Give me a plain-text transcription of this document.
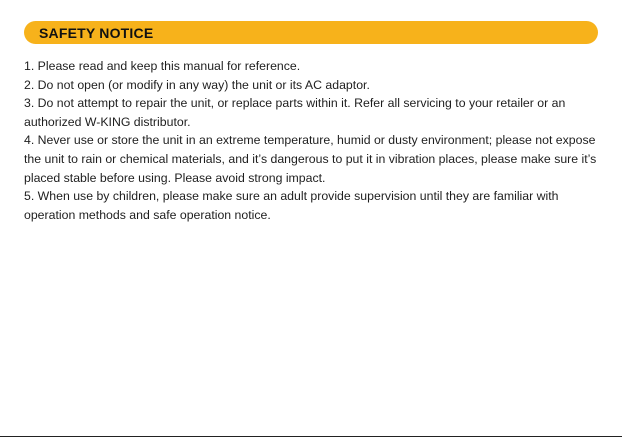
SAFETY NOTICE

1. Please read and keep this manual for reference.

2. Do not open (or modify in any way) the unit or its AC adaptor.

3. Do not attempt to repair the unit, or replace parts within it. Refer all servicing to your retailer or an authorized W-KING distributor.

4. Never use or store the unit in an extreme temperature, humid or dusty environment; please not expose the unit to rain or chemical materials, and it’s dangerous to put it in vibration places, please make sure it’s placed stable before using. Please avoid strong impact.

5. When use by children, please make sure an adult provide supervision until they are familiar with operation methods and safe operation notice.
